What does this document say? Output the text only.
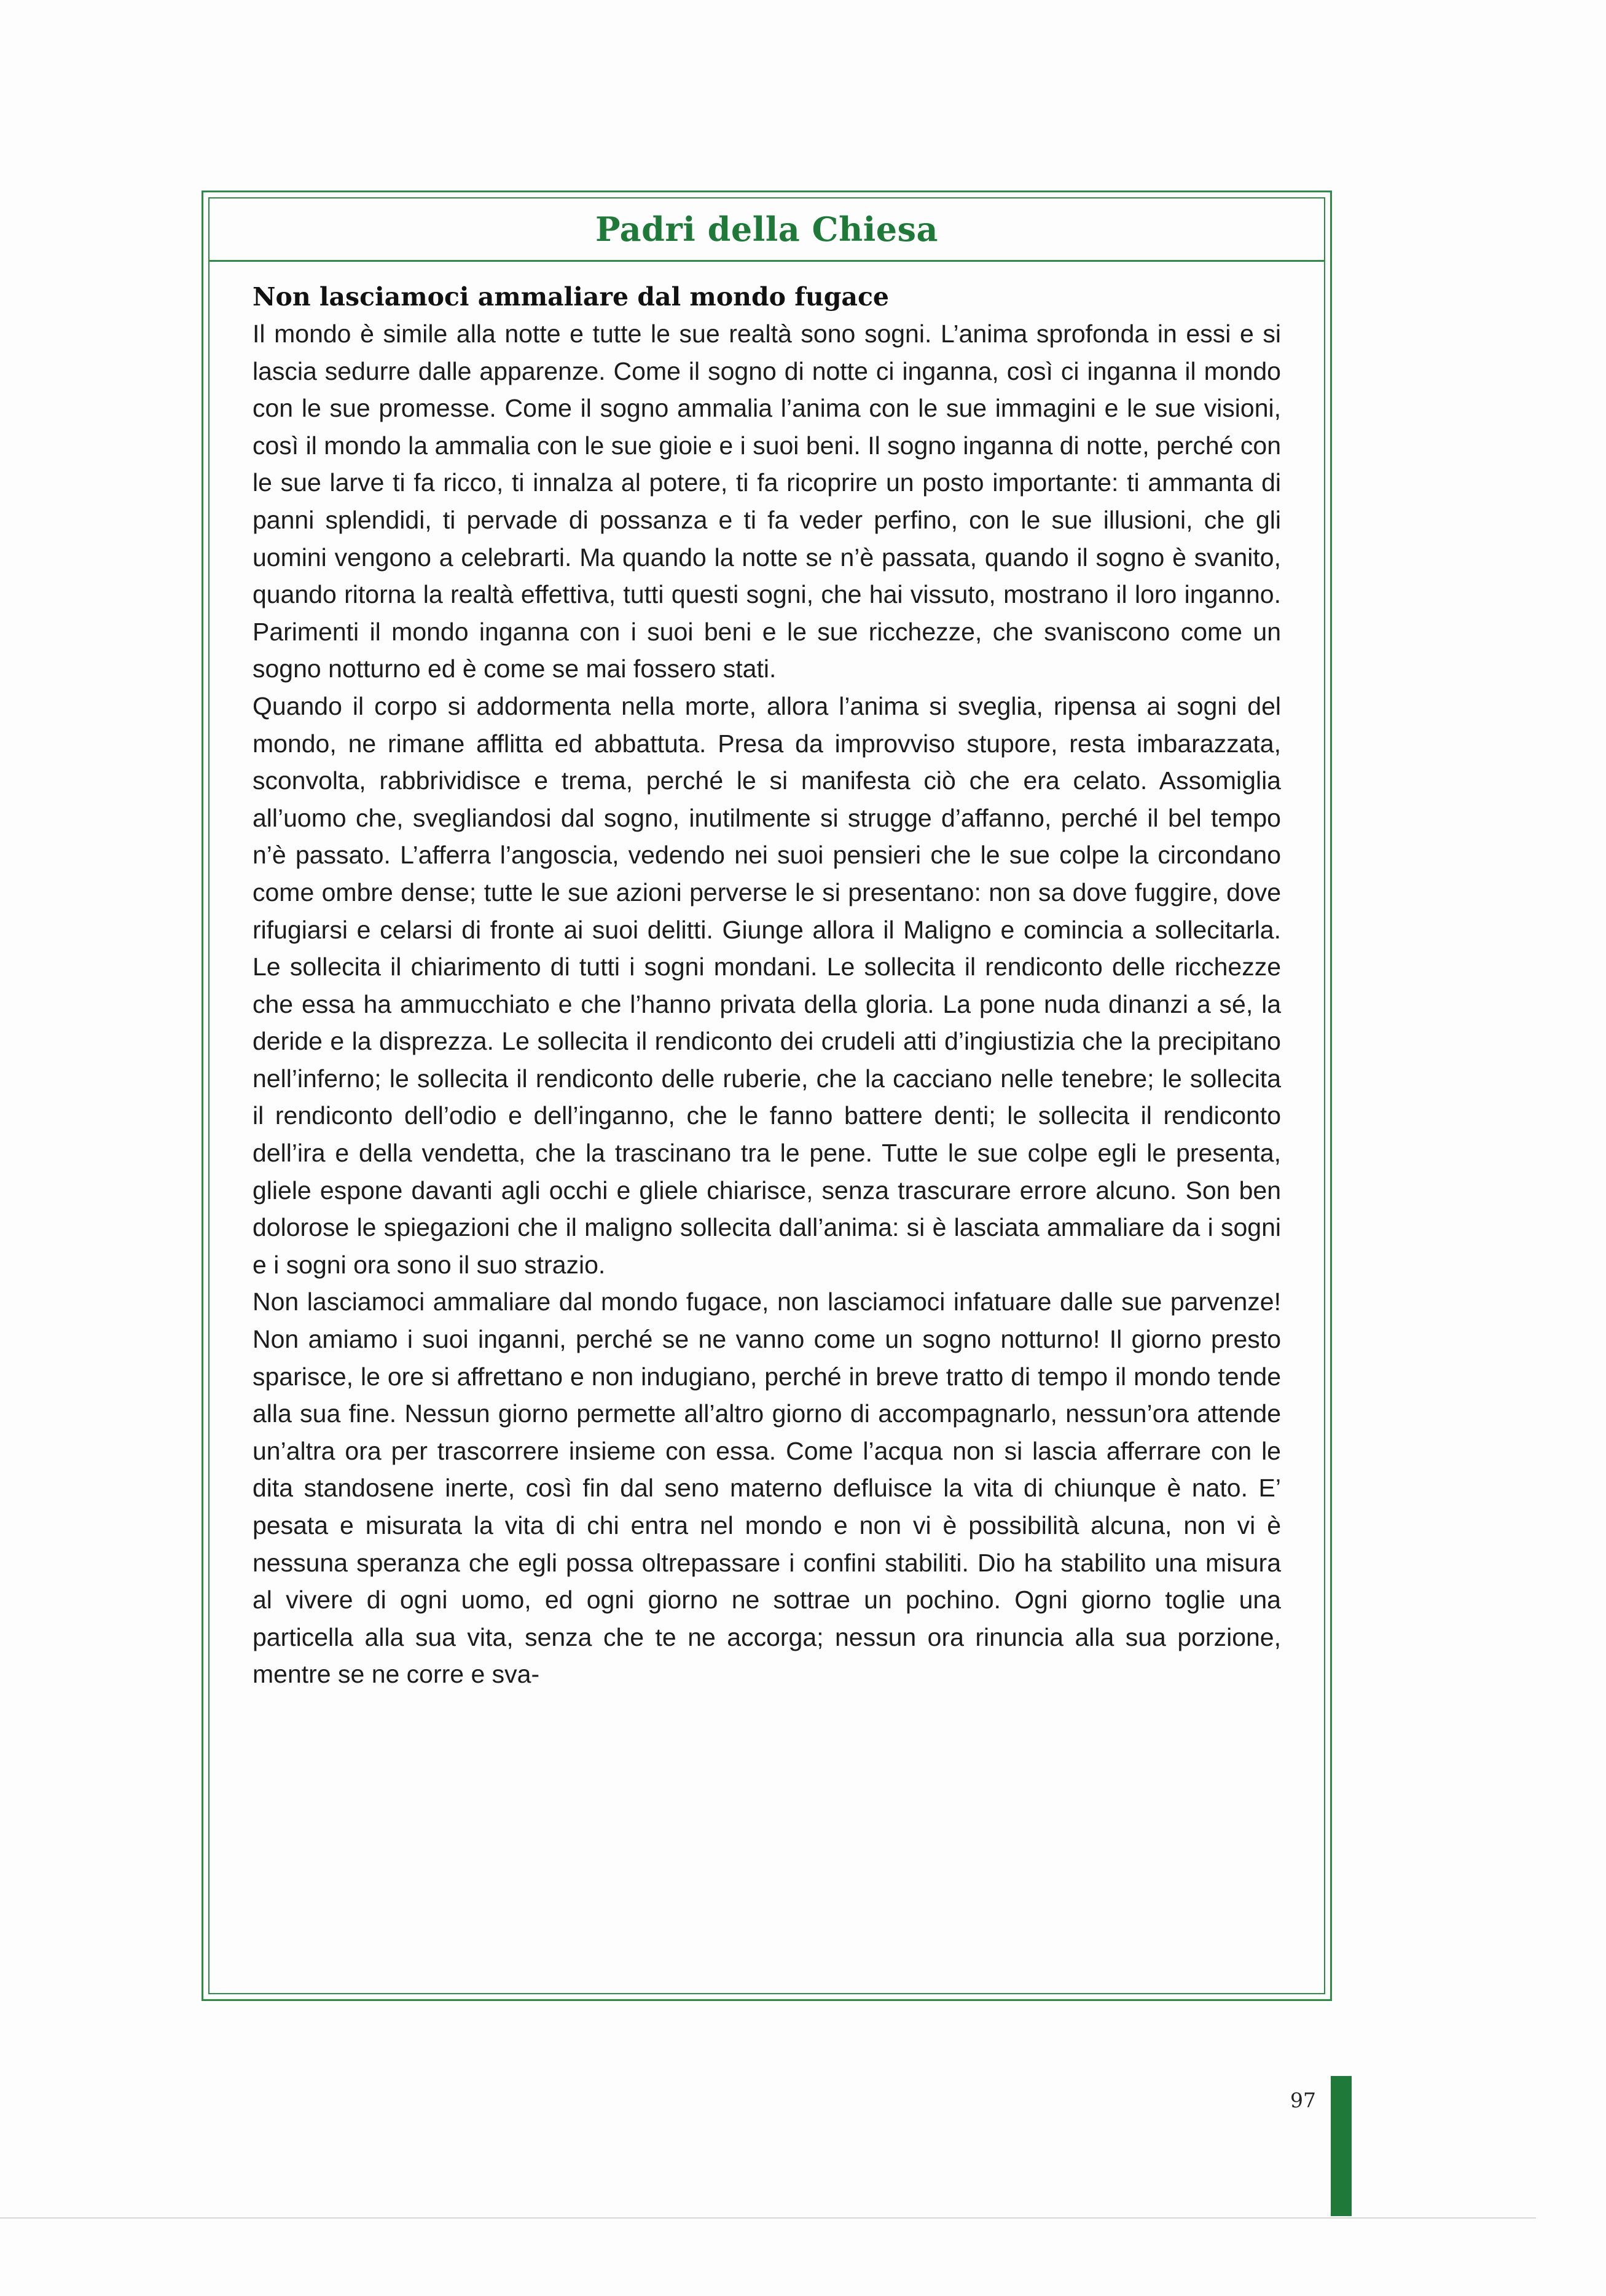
Padri della Chiesa
Non lasciamoci ammaliare dal mondo fugace

Il mondo è simile alla notte e tutte le sue realtà sono sogni. L’anima sprofonda in essi e si lascia sedurre dalle apparenze. Come il sogno di notte ci inganna, così ci inganna il mondo con le sue promesse. Come il sogno ammalia l’anima con le sue immagini e le sue visioni, così il mondo la ammalia con le sue gioie e i suoi beni. Il sogno inganna di notte, perché con le sue larve ti fa ricco, ti innalza al potere, ti fa ricoprire un posto importante: ti ammanta di panni splendidi, ti pervade di possanza e ti fa veder perfino, con le sue illusioni, che gli uomini vengono a celebrarti. Ma quando la notte se n’è passata, quando il sogno è svanito, quando ritorna la realtà effettiva, tutti questi sogni, che hai vissuto, mostrano il loro inganno. Parimenti il mondo inganna con i suoi beni e le sue ricchezze, che svaniscono come un sogno notturno ed è come se mai fossero stati.

Quando il corpo si addormenta nella morte, allora l’anima si sveglia, ripensa ai sogni del mondo, ne rimane afflitta ed abbattuta. Presa da improvviso stupore, resta imbarazzata, sconvolta, rabbrividisce e trema, perché le si manifesta ciò che era celato. Assomiglia all’uomo che, svegliandosi dal sogno, inutilmente si strugge d’affanno, perché il bel tempo n’è passato. L’afferra l’angoscia, vedendo nei suoi pensieri che le sue colpe la circondano come ombre dense; tutte le sue azioni perverse le si presentano: non sa dove fuggire, dove rifugiarsi e celarsi di fronte ai suoi delitti. Giunge allora il Maligno e comincia a sollecitarla. Le sollecita il chiarimento di tutti i sogni mondani. Le sollecita il rendiconto delle ricchezze che essa ha ammucchiato e che l’hanno privata della gloria. La pone nuda dinanzi a sé, la deride e la disprezza. Le sollecita il rendiconto dei crudeli atti d’ingiustizia che la precipitano nell’inferno; le sollecita il rendiconto delle ruberie, che la cacciano nelle tenebre; le sollecita il rendiconto dell’odio e dell’inganno, che le fanno battere denti; le sollecita il rendiconto dell’ira e della vendetta, che la trascinano tra le pene. Tutte le sue colpe egli le presenta, gliele espone davanti agli occhi e gliele chiarisce, senza trascurare errore alcuno. Son ben dolorose le spiegazioni che il maligno sollecita dall’anima: si è lasciata ammaliare da i sogni e i sogni ora sono il suo strazio.

Non lasciamoci ammaliare dal mondo fugace, non lasciamoci infatuare dalle sue parvenze! Non amiamo i suoi inganni, perché se ne vanno come un sogno notturno! Il giorno presto sparisce, le ore si affrettano e non indugiano, perché in breve tratto di tempo il mondo tende alla sua fine. Nessun giorno permette all’altro giorno di accompagnarlo, nessun’ora attende un’altra ora per trascorrere insieme con essa. Come l’acqua non si lascia afferrare con le dita standosene inerte, così fin dal seno materno defluisce la vita di chiunque è nato. E’ pesata e misurata la vita di chi entra nel mondo e non vi è possibilità alcuna, non vi è nessuna speranza che egli possa oltrepassare i confini stabiliti. Dio ha stabilito una misura al vivere di ogni uomo, ed ogni giorno ne sottrae un pochino. Ogni giorno toglie una particella alla sua vita, senza che te ne accorga; nessun ora rinuncia alla sua porzione, mentre se ne corre e sva-

97
